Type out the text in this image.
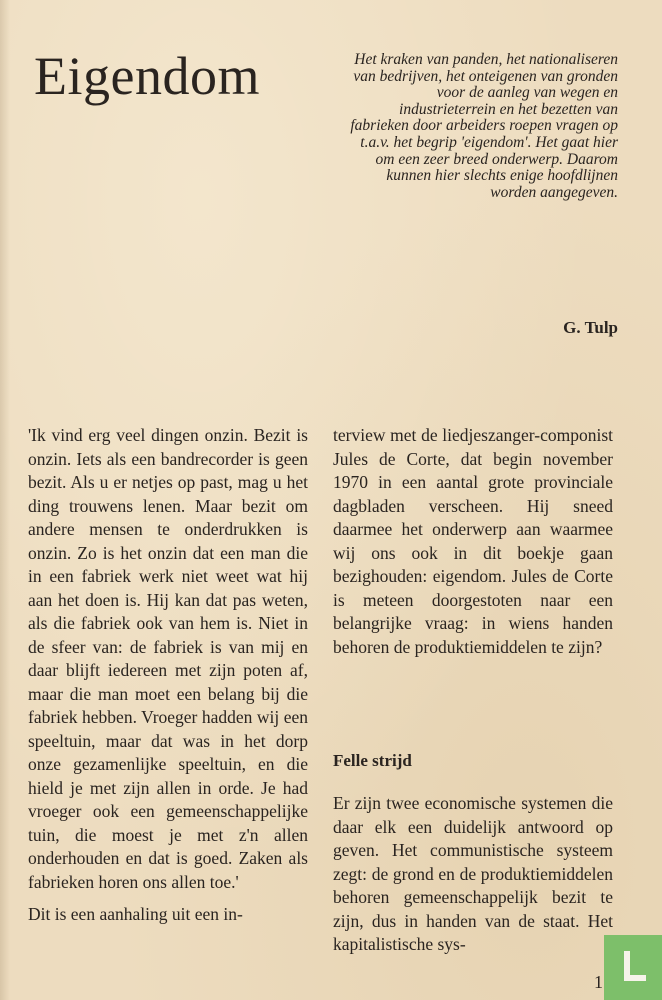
Eigendom	Het kraken van panden, het nationaliseren van bedrijven, het onteigenen van gronden voor de aanleg van wegen en industrieterrein en het bezetten van fabrieken door arbeiders roepen vragen op t.a.v. het begrip 'eigendom'. Het gaat hier om een zeer breed onderwerp. Daarom kunnen hier slechts enige hoofdlijnen worden aangegeven.

G. Tulp

'Ik vind erg veel dingen onzin. Bezit is onzin. Iets als een bandrecorder is geen bezit. Als u er netjes op past, mag u het ding trouwens lenen. Maar bezit om andere mensen te onderdrukken is onzin. Zo is het onzin dat een man die in een fabriek werk niet weet wat hij aan het doen is. Hij kan dat pas weten, als die fabriek ook van hem is. Niet in de sfeer van: de fabriek is van mij en daar blijft iedereen met zijn poten af, maar die man moet een belang bij die fabriek hebben. Vroeger hadden wij een speeltuin, maar dat was in het dorp onze gezamenlijke speeltuin, en die hield je met zijn allen in orde. Je had vroeger ook een gemeenschappelijke tuin, die moest je met z'n allen onderhouden en dat is goed. Zaken als fabrieken horen ons allen toe.'

Dit is een aanhaling uit een in-

terview met de liedjeszanger-componist Jules de Corte, dat begin november 1970 in een aantal grote provinciale dagbladen verscheen. Hij sneed daarmee het onderwerp aan waarmee wij ons ook in dit boekje gaan bezighouden: eigendom. Jules de Corte is meteen doorgestoten naar een belangrijke vraag: in wiens handen behoren de produktiemiddelen te zijn?

Felle strijd

Er zijn twee economische systemen die daar elk een duidelijk antwoord op geven. Het communistische systeem zegt: de grond en de produktiemiddelen behoren gemeenschappelijk bezit te zijn, dus in handen van de staat. Het kapitalistische sys-

1
